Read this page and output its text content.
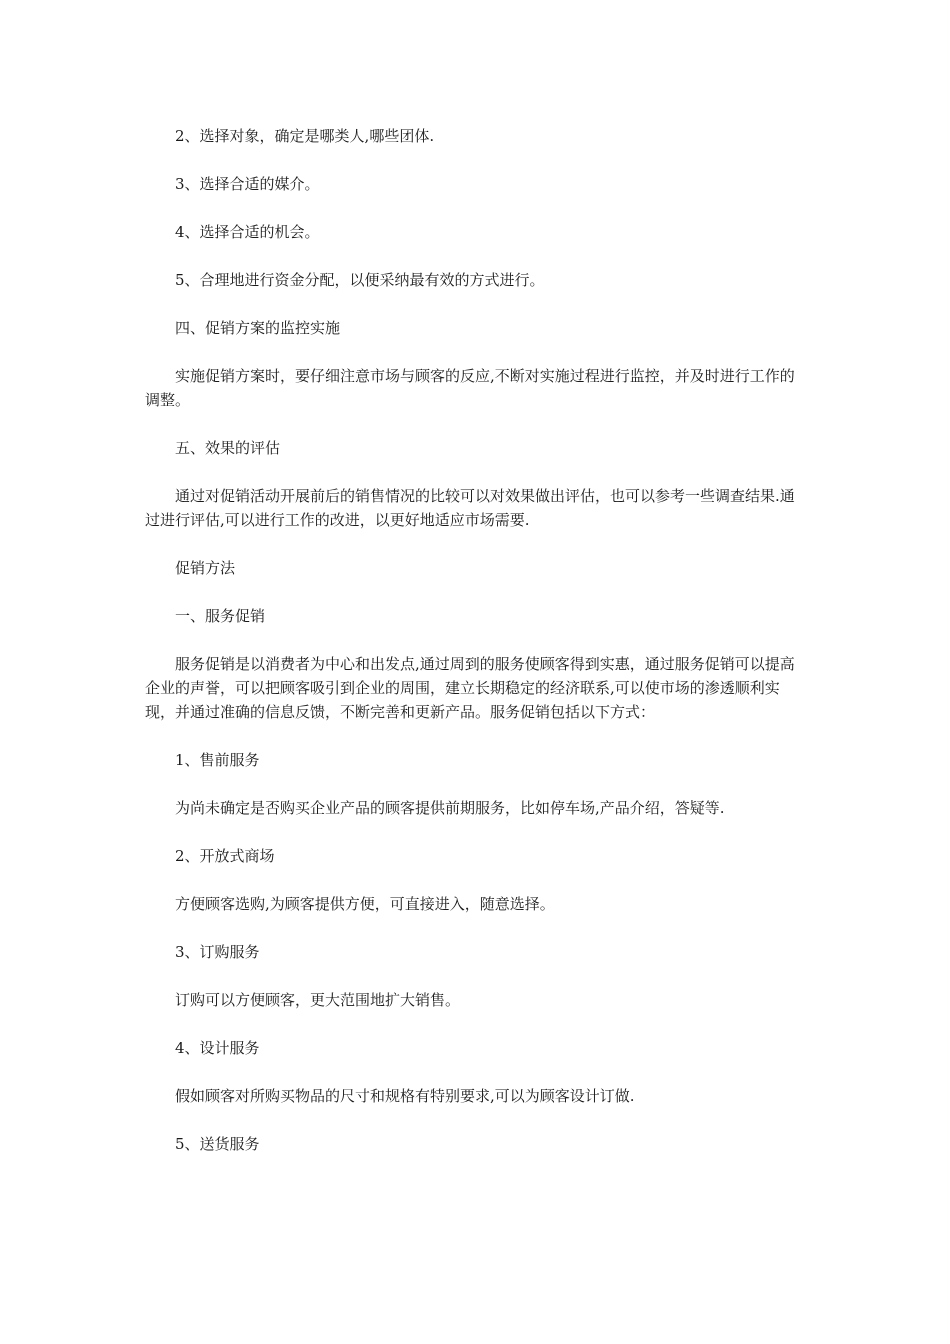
2、选择对象，确定是哪类人,哪些团体.

3、选择合适的媒介。

4、选择合适的机会。

5、合理地进行资金分配，以便采纳最有效的方式进行。

四、促销方案的监控实施

实施促销方案时，要仔细注意市场与顾客的反应,不断对实施过程进行监控，并及时进行工作的调整。

五、效果的评估

通过对促销活动开展前后的销售情况的比较可以对效果做出评估，也可以参考一些调查结果.通过进行评估,可以进行工作的改进，以更好地适应市场需要.

促销方法

一、服务促销

服务促销是以消费者为中心和出发点,通过周到的服务使顾客得到实惠，通过服务促销可以提高企业的声誉，可以把顾客吸引到企业的周围，建立长期稳定的经济联系,可以使市场的渗透顺利实现，并通过准确的信息反馈，不断完善和更新产品。服务促销包括以下方式：

1、售前服务

为尚未确定是否购买企业产品的顾客提供前期服务，比如停车场,产品介绍，答疑等.

2、开放式商场

方便顾客选购,为顾客提供方便，可直接进入，随意选择。

3、订购服务

订购可以方便顾客，更大范围地扩大销售。

4、设计服务

假如顾客对所购买物品的尺寸和规格有特别要求,可以为顾客设计订做.

5、送货服务
